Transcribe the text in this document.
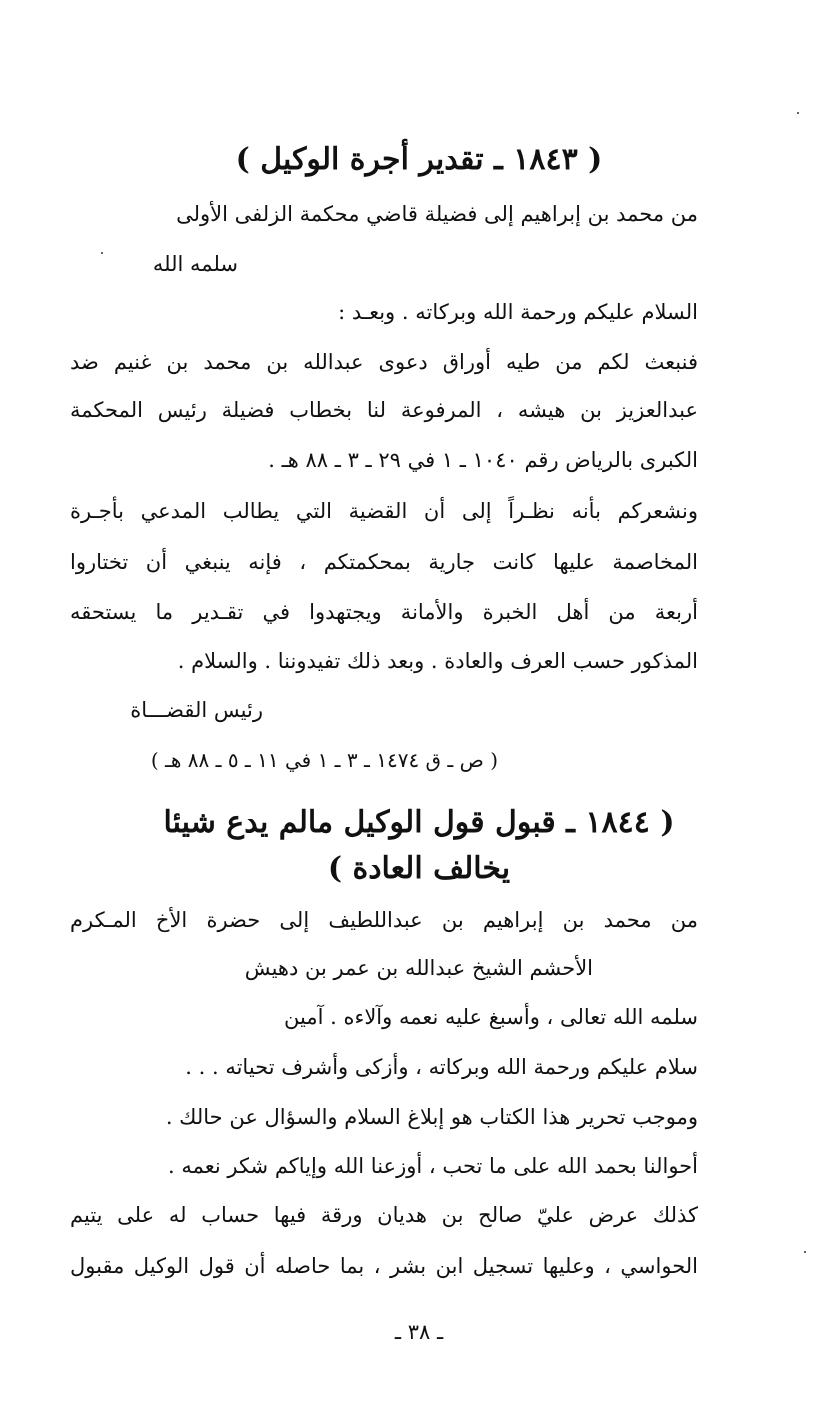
( ١٨٤٣ ـ تقدير أجرة الوكيل )
من محمد بن إبراهيم إلى فضيلة قاضي محكمة الزلفى الأولى
سلمه الله
السلام عليكم ورحمة الله وبركاته . وبعـد :
فنبعث لكم من طيه أوراق دعوى عبدالله بن محمد بن غنيم ضد
عبدالعزيز بن هيشه ، المرفوعة لنا بخطاب فضيلة رئيس المحكمة
الكبرى بالرياض رقم ١٠٤٠ ـ ١ في ٢٩ ـ ٣ ـ ٨٨ هـ .
ونشعركم بأنه نظـراً إلى أن القضية التي يطالب المدعي بأجـرة
المخاصمة عليها كانت جارية بمحكمتكم ، فإنه ينبغي أن تختاروا
أربعة من أهل الخبرة والأمانة ويجتهدوا في تقـدير ما يستحقه
المذكور حسب العرف والعادة . وبعد ذلك تفيدوننا . والسلام .
رئيس القضـــاة
( ص ـ ق ١٤٧٤ ـ ٣ ـ ١ في ١١ ـ ٥ ـ ٨٨ هـ )
( ١٨٤٤ ـ قبول قول الوكيل مالم يدع شيئا
يخالف العادة )
من محمد بن إبراهيم بن عبداللطيف إلى حضرة الأخ المـكرم
الأحشم الشيخ عبدالله بن عمر بن دهيش
سلمه الله تعالى ، وأسبغ عليه نعمه وآلاءه . آمين
سلام عليكم ورحمة الله وبركاته ، وأزكى وأشرف تحياته . . .
وموجب تحرير هذا الكتاب هو إبلاغ السلام والسؤال عن حالك .
أحوالنا بحمد الله على ما تحب ، أوزعنا الله وإياكم شكر نعمه .
كذلك عرض عليّ صالح بن هديان ورقة فيها حساب له على يتيم
الحواسي ، وعليها تسجيل ابن بشر ، بما حاصله أن قول الوكيل مقبول
ـ ٣٨ ـ
